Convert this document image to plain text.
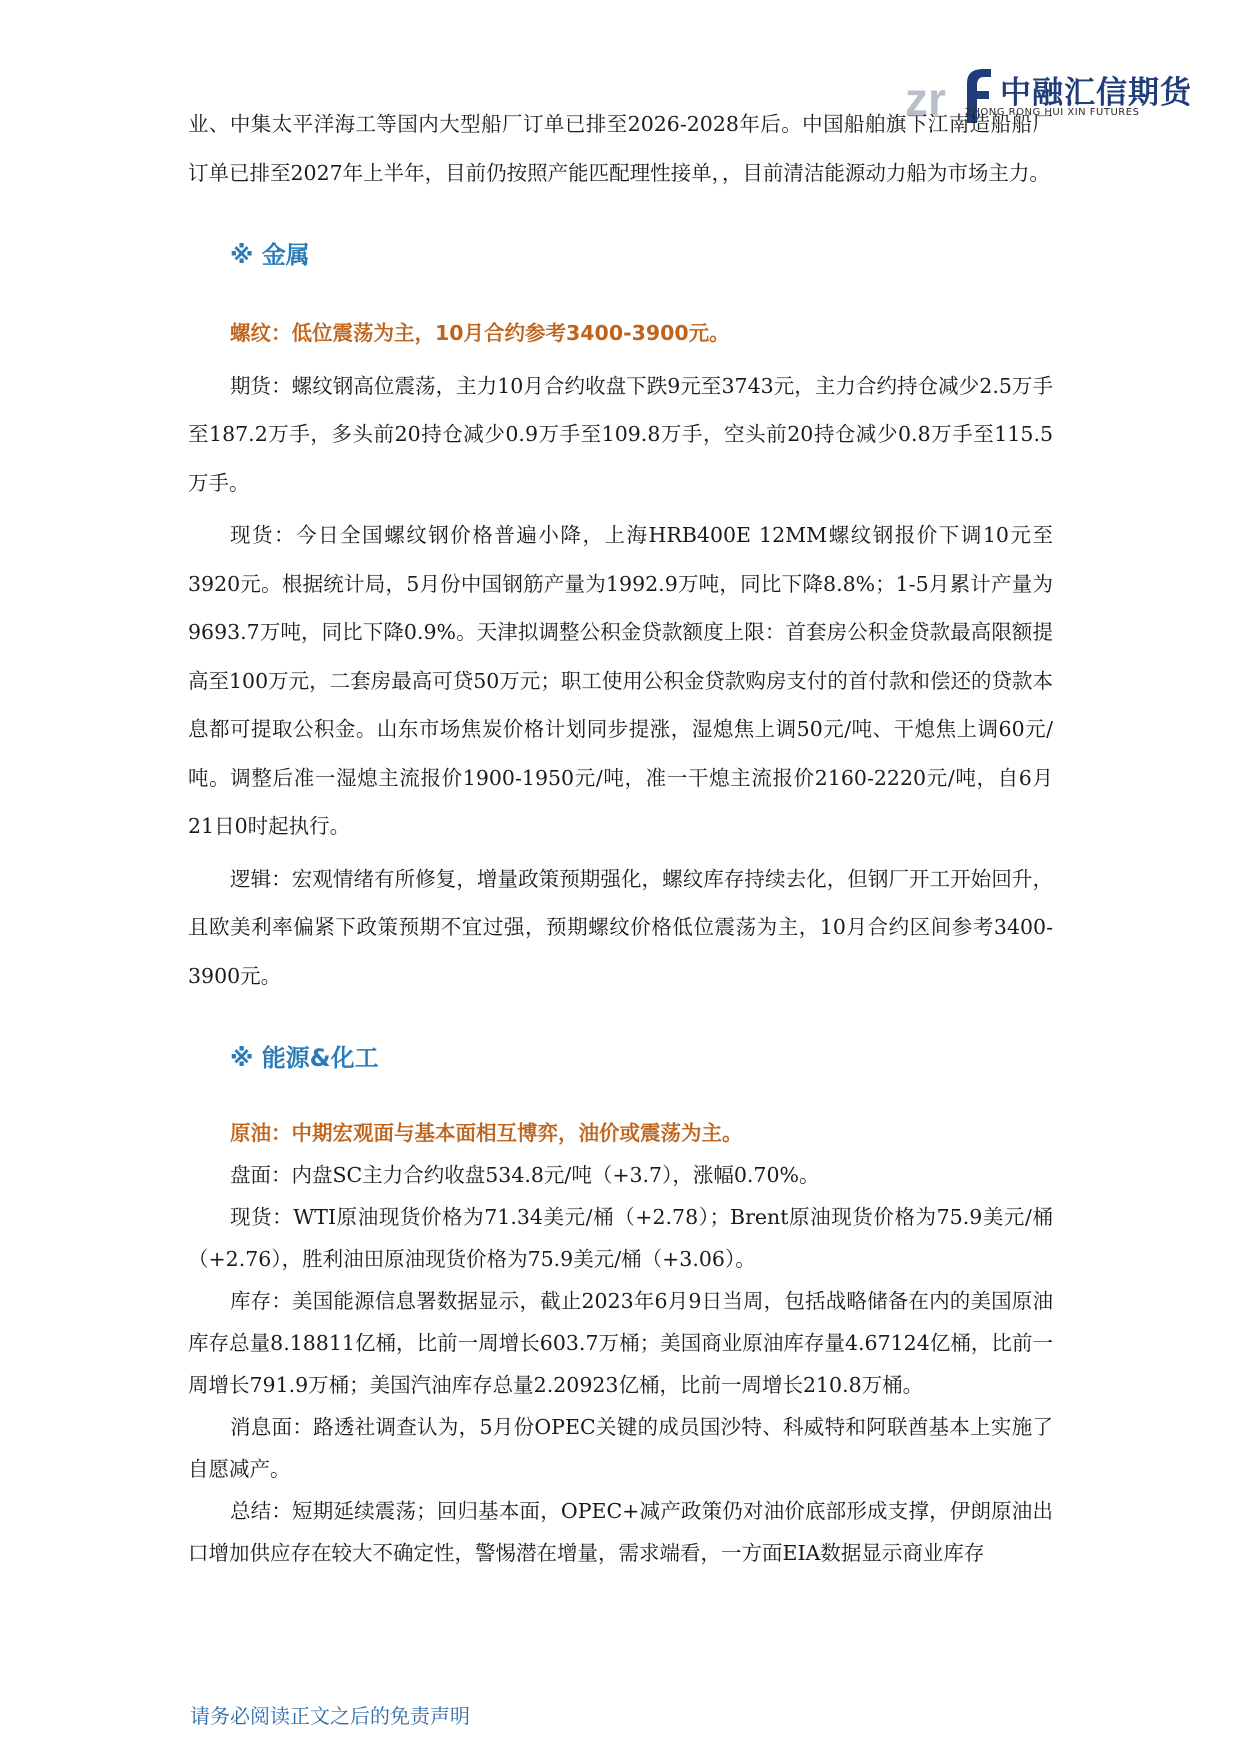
zr 中融汇信期货
ZHONG RONG HUI XIN FUTURES

业、中集太平洋海工等国内大型船厂订单已排至2026-2028年后。中国船舶旗下江南造船船厂订单已排至2027年上半年，目前仍按照产能匹配理性接单，，目前清洁能源动力船为市场主力。

※ 金属

螺纹：低位震荡为主，10月合约参考3400-3900元。

期货：螺纹钢高位震荡，主力10月合约收盘下跌9元至3743元，主力合约持仓减少2.5万手至187.2万手，多头前20持仓减少0.9万手至109.8万手，空头前20持仓减少0.8万手至115.5万手。

现货：今日全国螺纹钢价格普遍小降，上海HRB400E 12MM螺纹钢报价下调10元至3920元。根据统计局，5月份中国钢筋产量为1992.9万吨，同比下降8.8%；1-5月累计产量为9693.7万吨，同比下降0.9%。天津拟调整公积金贷款额度上限：首套房公积金贷款最高限额提高至100万元，二套房最高可贷50万元；职工使用公积金贷款购房支付的首付款和偿还的贷款本息都可提取公积金。山东市场焦炭价格计划同步提涨，湿熄焦上调50元/吨、干熄焦上调60元/吨。调整后准一湿熄主流报价1900-1950元/吨，准一干熄主流报价2160-2220元/吨，自6月21日0时起执行。

逻辑：宏观情绪有所修复，增量政策预期强化，螺纹库存持续去化，但钢厂开工开始回升，且欧美利率偏紧下政策预期不宜过强，预期螺纹价格低位震荡为主，10月合约区间参考3400-3900元。

※ 能源&化工

原油：中期宏观面与基本面相互博弈，油价或震荡为主。

盘面：内盘SC主力合约收盘534.8元/吨（+3.7），涨幅0.70%。

现货：WTI原油现货价格为71.34美元/桶（+2.78）；Brent原油现货价格为75.9美元/桶（+2.76），胜利油田原油现货价格为75.9美元/桶（+3.06）。

库存：美国能源信息署数据显示，截止2023年6月9日当周，包括战略储备在内的美国原油库存总量8.18811亿桶，比前一周增长603.7万桶；美国商业原油库存量4.67124亿桶，比前一周增长791.9万桶；美国汽油库存总量2.20923亿桶，比前一周增长210.8万桶。

消息面：路透社调查认为，5月份OPEC关键的成员国沙特、科威特和阿联酋基本上实施了自愿减产。

总结：短期延续震荡；回归基本面，OPEC+减产政策仍对油价底部形成支撑，伊朗原油出口增加供应存在较大不确定性，警惕潜在增量，需求端看，一方面EIA数据显示商业库存

请务必阅读正文之后的免责声明
